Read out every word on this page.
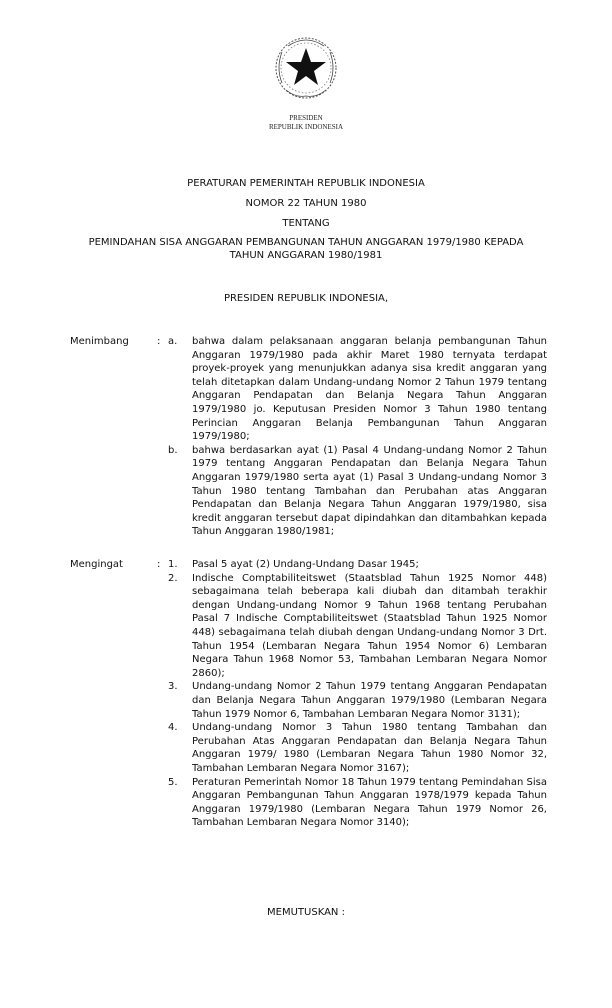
PRESIDEN
REPUBLIK INDONESIA
PERATURAN PEMERINTAH REPUBLIK INDONESIA
NOMOR 22 TAHUN 1980
TENTANG
PEMINDAHAN SISA ANGGARAN PEMBANGUNAN TAHUN ANGGARAN 1979/1980 KEPADA
TAHUN ANGGARAN 1980/1981
PRESIDEN REPUBLIK INDONESIA,
Menimbang	: a.	bahwa dalam pelaksanaan anggaran belanja pembangunan Tahun Anggaran 1979/1980 pada akhir Maret 1980 ternyata terdapat proyek-proyek yang menunjukkan adanya sisa kredit anggaran yang telah ditetapkan dalam Undang-undang Nomor 2 Tahun 1979 tentang Anggaran Pendapatan dan Belanja Negara Tahun Anggaran 1979/1980 jo. Keputusan Presiden Nomor 3 Tahun 1980 tentang Perincian Anggaran Belanja Pembangunan Tahun Anggaran 1979/1980;
b.	bahwa berdasarkan ayat (1) Pasal 4 Undang-undang Nomor 2 Tahun 1979 tentang Anggaran Pendapatan dan Belanja Negara Tahun Anggaran 1979/1980 serta ayat (1) Pasal 3 Undang-undang Nomor 3 Tahun 1980 tentang Tambahan dan Perubahan atas Anggaran Pendapatan dan Belanja Negara Tahun Anggaran 1979/1980, sisa kredit anggaran tersebut dapat dipindahkan dan ditambahkan kepada Tahun Anggaran 1980/1981;
Mengingat	: 1.	Pasal 5 ayat (2) Undang-Undang Dasar 1945;
2.	Indische Comptabiliteitswet (Staatsblad Tahun 1925 Nomor 448) sebagaimana telah beberapa kali diubah dan ditambah terakhir dengan Undang-undang Nomor 9 Tahun 1968 tentang Perubahan Pasal 7 Indische Comptabiliteitswet (Staatsblad Tahun 1925 Nomor 448) sebagaimana telah diubah dengan Undang-undang Nomor 3 Drt. Tahun 1954 (Lembaran Negara Tahun 1954 Nomor 6) Lembaran Negara Tahun 1968 Nomor 53, Tambahan Lembaran Negara Nomor 2860);
3.	Undang-undang Nomor 2 Tahun 1979 tentang Anggaran Pendapatan dan Belanja Negara Tahun Anggaran 1979/1980 (Lembaran Negara Tahun 1979 Nomor 6, Tambahan Lembaran Negara Nomor 3131);
4.	Undang-undang Nomor 3 Tahun 1980 tentang Tambahan dan Perubahan Atas Anggaran Pendapatan dan Belanja Negara Tahun Anggaran 1979/ 1980 (Lembaran Negara Tahun 1980 Nomor 32, Tambahan Lembaran Negara Nomor 3167);
5.	Peraturan Pemerintah Nomor 18 Tahun 1979 tentang Pemindahan Sisa Anggaran Pembangunan Tahun Anggaran 1978/1979 kepada Tahun Anggaran 1979/1980 (Lembaran Negara Tahun 1979 Nomor 26, Tambahan Lembaran Negara Nomor 3140);
MEMUTUSKAN :
